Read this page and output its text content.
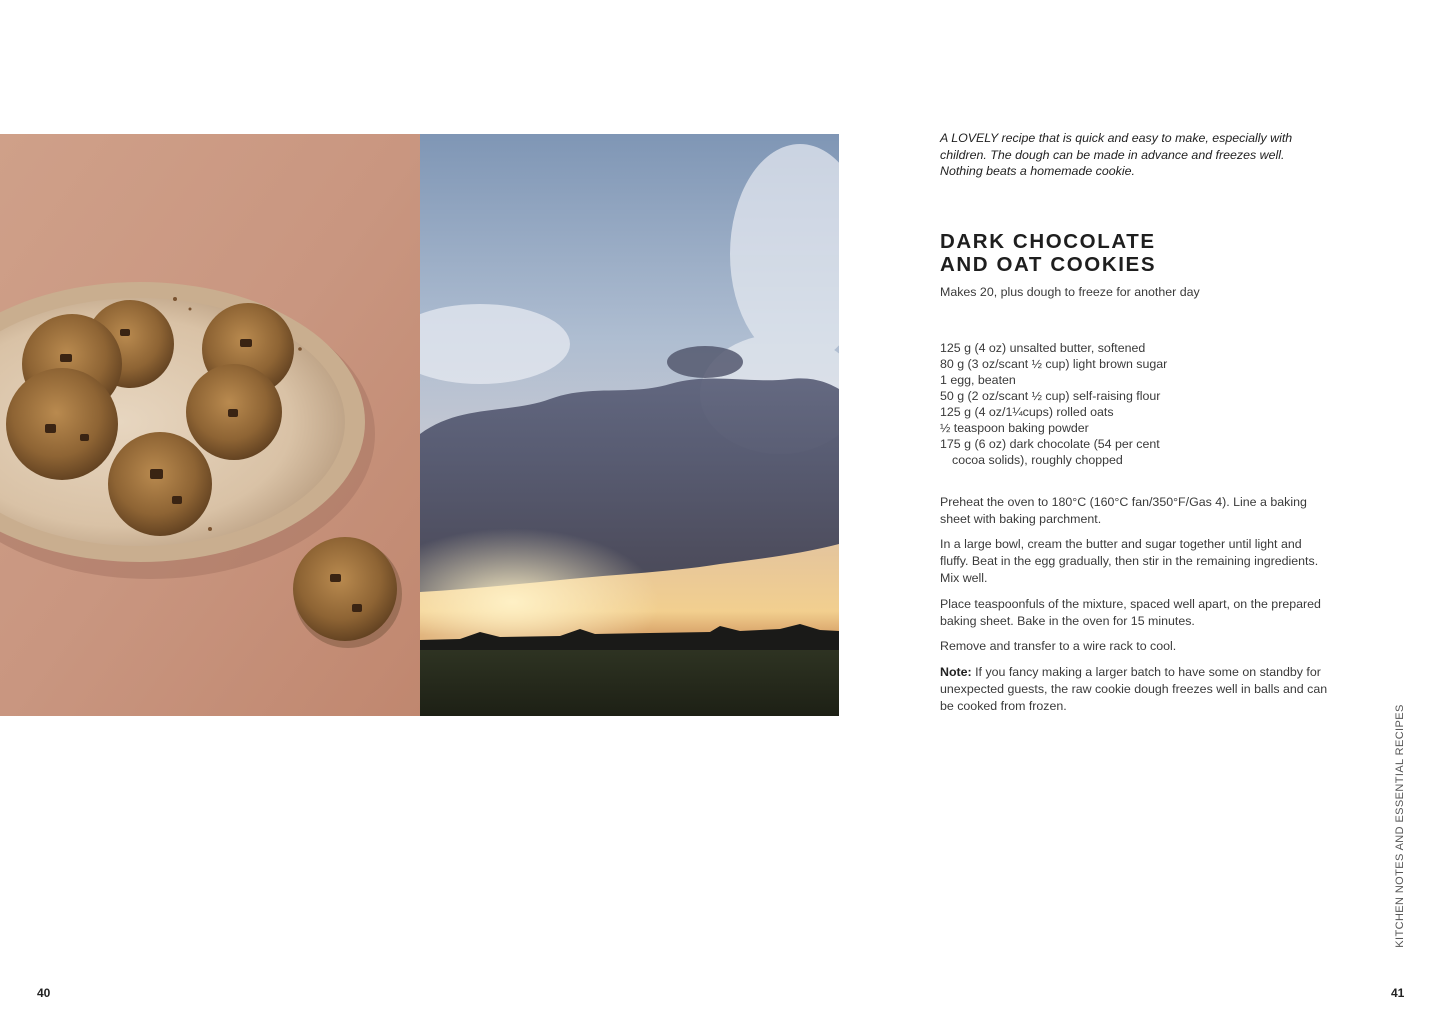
A LOVELY recipe that is quick and easy to make, especially with children. The dough can be made in advance and freezes well. Nothing beats a homemade cookie.

DARK CHOCOLATE
AND OAT COOKIES

Makes 20, plus dough to freeze for another day

125 g (4 oz) unsalted butter, softened
80 g (3 oz/scant ½ cup) light brown sugar
1 egg, beaten
50 g (2 oz/scant ½ cup) self-raising flour
125 g (4 oz/1¼cups) rolled oats
½ teaspoon baking powder
175 g (6 oz) dark chocolate (54 per cent
cocoa solids), roughly chopped

Preheat the oven to 180°C (160°C fan/350°F/Gas 4). Line a baking sheet with baking parchment.

In a large bowl, cream the butter and sugar together until light and fluffy. Beat in the egg gradually, then stir in the remaining ingredients. Mix well.

Place teaspoonfuls of the mixture, spaced well apart, on the prepared baking sheet. Bake in the oven for 15 minutes.

Remove and transfer to a wire rack to cool.

Note: If you fancy making a larger batch to have some on standby for unexpected guests, the raw cookie dough freezes well in balls and can be cooked from frozen.

40	41
KITCHEN NOTES AND ESSENTIAL RECIPES
